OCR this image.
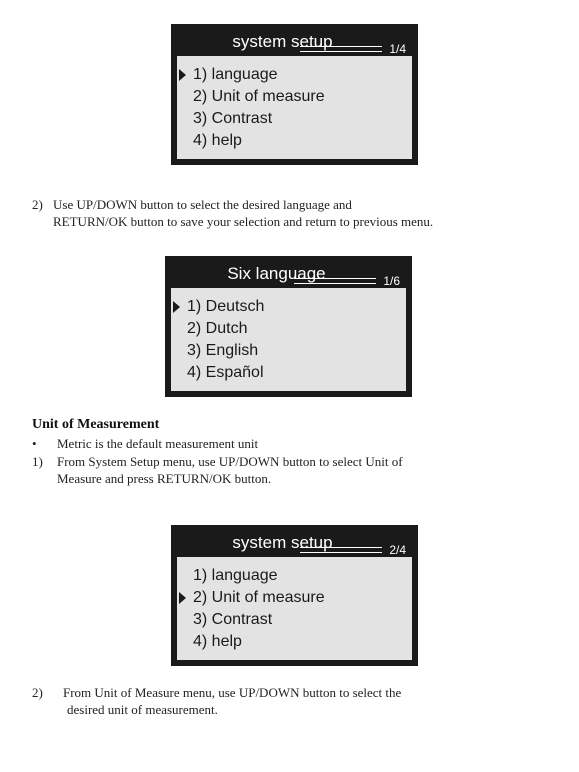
system setup	1/4
1) language
2) Unit of measure
3) Contrast
4) help
2) Use UP/DOWN button to select the desired language and
RETURN/OK button to save your selection and return to previous menu.
Six language	1/6
1) Deutsch
2) Dutch
3) English
4) Español
Unit of Measurement
•	Metric is the default measurement unit
1)	From System Setup menu, use UP/DOWN button to select Unit of
Measure and press RETURN/OK button.
system setup	2/4
1) language
2) Unit of measure
3) Contrast
4) help
2)	From Unit of Measure menu, use UP/DOWN button to select the
desired unit of measurement.
